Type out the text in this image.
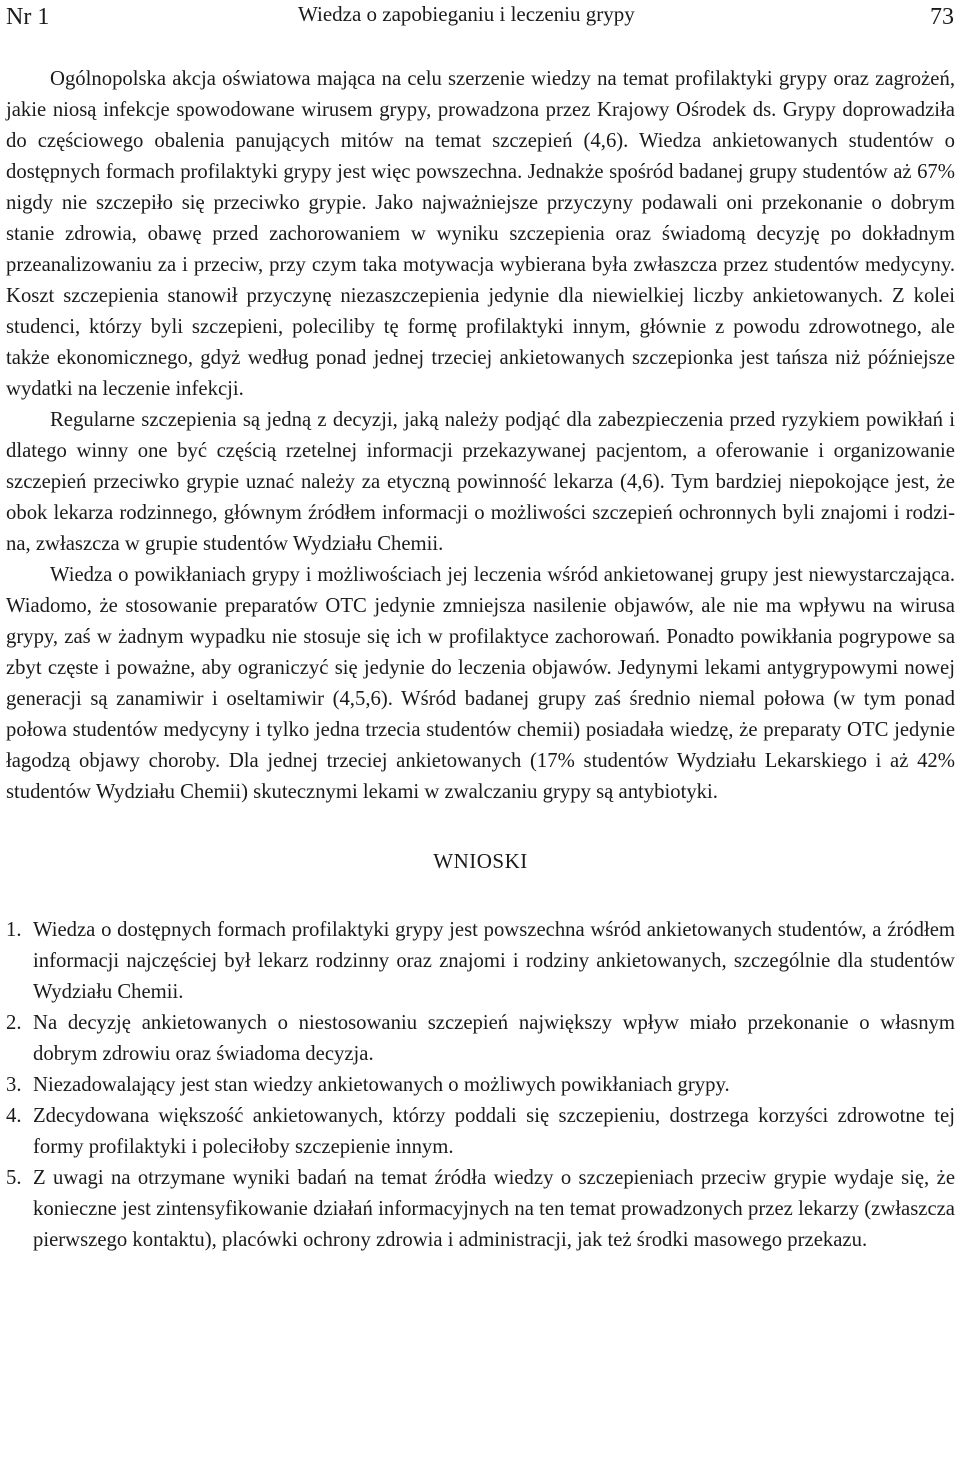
Nr 1	Wiedza o zapobieganiu i leczeniu grypy	73

Ogólnopolska akcja oświatowa mająca na celu szerzenie wiedzy na temat profilaktyki grypy oraz zagrożeń, jakie niosą infekcje spowodowane wirusem grypy, prowadzona przez Krajowy Ośrodek ds. Grypy doprowadziła do częściowego obalenia panujących mitów na temat szczepień (4,6). Wiedza ankietowanych studentów o dostępnych formach profilaktyki grypy jest więc powszechna. Jednakże spośród badanej grupy studentów aż 67% nigdy nie szczepiło się przeciwko grypie. Jako najważniejsze przyczyny podawali oni przekonanie o dobrym stanie zdrowia, obawę przed zachorowaniem w wyniku szczepienia oraz świadomą decyzję po dokładnym przeanalizowaniu za i przeciw, przy czym taka motywacja wybierana była zwłaszcza przez studentów medycyny. Koszt szczepienia stanowił przyczynę niezaszczepienia jedynie dla niewielkiej liczby ankietowanych. Z kolei studenci, którzy byli szczepieni, poleciliby tę formę profilaktyki innym, głównie z powodu zdrowotnego, ale także ekonomicznego, gdyż według ponad jednej trzeciej ankietowanych szczepionka jest tańsza niż późniejsze wydatki na leczenie infekcji.

Regularne szczepienia są jedną z decyzji, jaką należy podjąć dla zabezpieczenia przed ryzykiem powikłań i dlatego winny one być częścią rzetelnej informacji przekazywanej pacjentom, a oferowanie i organizowanie szczepień przeciwko grypie uznać należy za etyczną powinność lekarza (4,6). Tym bardziej niepokojące jest, że obok lekarza rodzinnego, głównym źródłem informacji o możliwości szczepień ochronnych byli znajomi i rodzina, zwłaszcza w grupie studentów Wydziału Chemii.

Wiedza o powikłaniach grypy i możliwościach jej leczenia wśród ankietowanej grupy jest niewystarczająca. Wiadomo, że stosowanie preparatów OTC jedynie zmniejsza nasilenie objawów, ale nie ma wpływu na wirusa grypy, zaś w żadnym wypadku nie stosuje się ich w profilaktyce zachorowań. Ponadto powikłania pogrypowe sa zbyt częste i poważne, aby ograniczyć się jedynie do leczenia objawów. Jedynymi lekami antygrypowymi nowej generacji są zanamiwir i oseltamiwir (4,5,6). Wśród badanej grupy zaś średnio niemal połowa (w tym ponad połowa studentów medycyny i tylko jedna trzecia studentów chemii) posiadała wiedzę, że preparaty OTC jedynie łagodzą objawy choroby. Dla jednej trzeciej ankietowanych (17% studentów Wydziału Lekarskiego i aż 42% studentów Wydziału Chemii) skutecznymi lekami w zwalczaniu grypy są antybiotyki.

WNIOSKI
1. Wiedza o dostępnych formach profilaktyki grypy jest powszechna wśród ankietowanych studentów, a źródłem informacji najczęściej był lekarz rodzinny oraz znajomi i rodziny ankietowanych, szczególnie dla studentów Wydziału Chemii.
2. Na decyzję ankietowanych o niestosowaniu szczepień największy wpływ miało przekonanie o własnym dobrym zdrowiu oraz świadoma decyzja.
3. Niezadowalający jest stan wiedzy ankietowanych o możliwych powikłaniach grypy.
4. Zdecydowana większość ankietowanych, którzy poddali się szczepieniu, dostrzega korzyści zdrowotne tej formy profilaktyki i poleciłoby szczepienie innym.
5. Z uwagi na otrzymane wyniki badań na temat źródła wiedzy o szczepieniach przeciw grypie wydaje się, że konieczne jest zintensyfikowanie działań informacyjnych na ten temat prowadzonych przez lekarzy (zwłaszcza pierwszego kontaktu), placówki ochrony zdrowia i administracji, jak też środki masowego przekazu.
